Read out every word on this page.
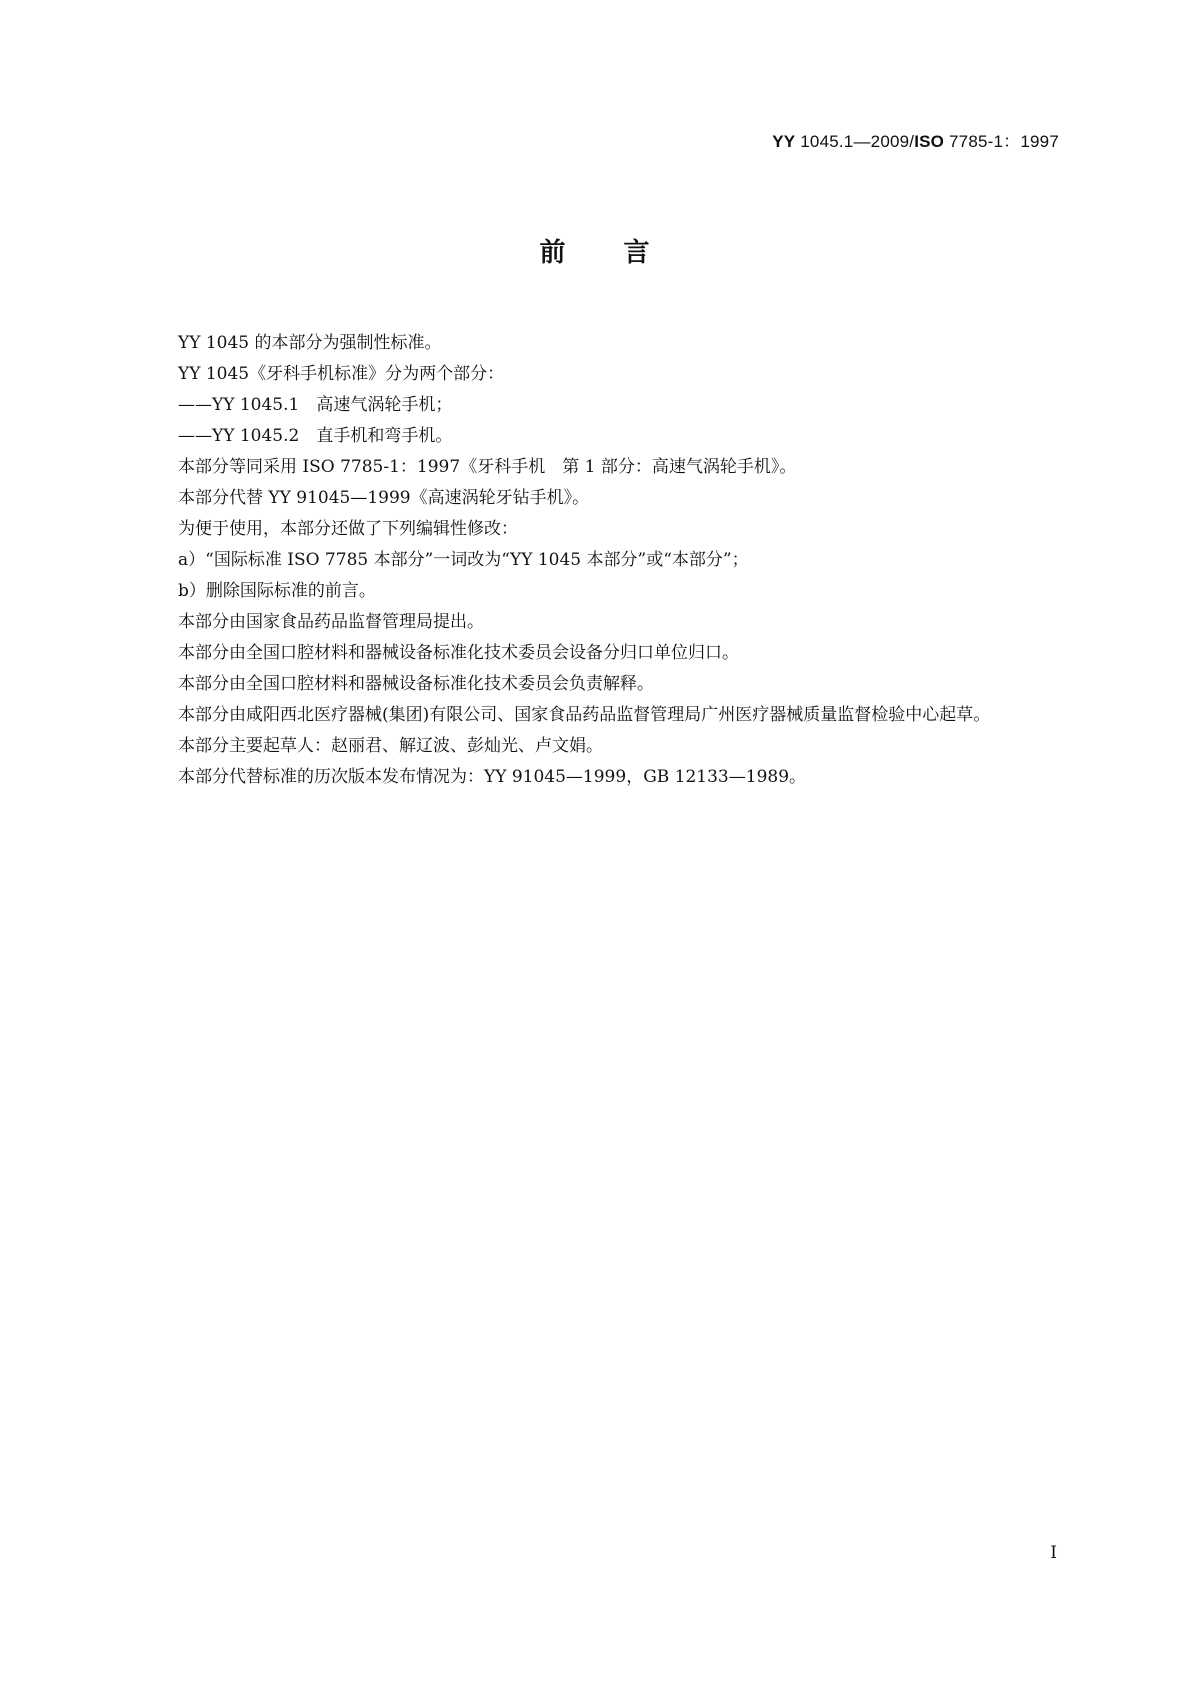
YY 1045.1—2009/ISO 7785-1：1997
前 言

YY 1045 的本部分为强制性标准。

YY 1045《牙科手机标准》分为两个部分：

——YY 1045.1　高速气涡轮手机；

——YY 1045.2　直手机和弯手机。

本部分等同采用 ISO 7785-1：1997《牙科手机　第 1 部分：高速气涡轮手机》。

本部分代替 YY 91045—1999《高速涡轮牙钻手机》。

为便于使用，本部分还做了下列编辑性修改：

a）“国际标准 ISO 7785 本部分”一词改为“YY 1045 本部分”或“本部分”；

b）删除国际标准的前言。

本部分由国家食品药品监督管理局提出。

本部分由全国口腔材料和器械设备标准化技术委员会设备分归口单位归口。

本部分由全国口腔材料和器械设备标准化技术委员会负责解释。

本部分由咸阳西北医疗器械(集团)有限公司、国家食品药品监督管理局广州医疗器械质量监督检验中心起草。

本部分主要起草人：赵丽君、解辽波、彭灿光、卢文娟。

本部分代替标准的历次版本发布情况为：YY 91045—1999，GB 12133—1989。

I
